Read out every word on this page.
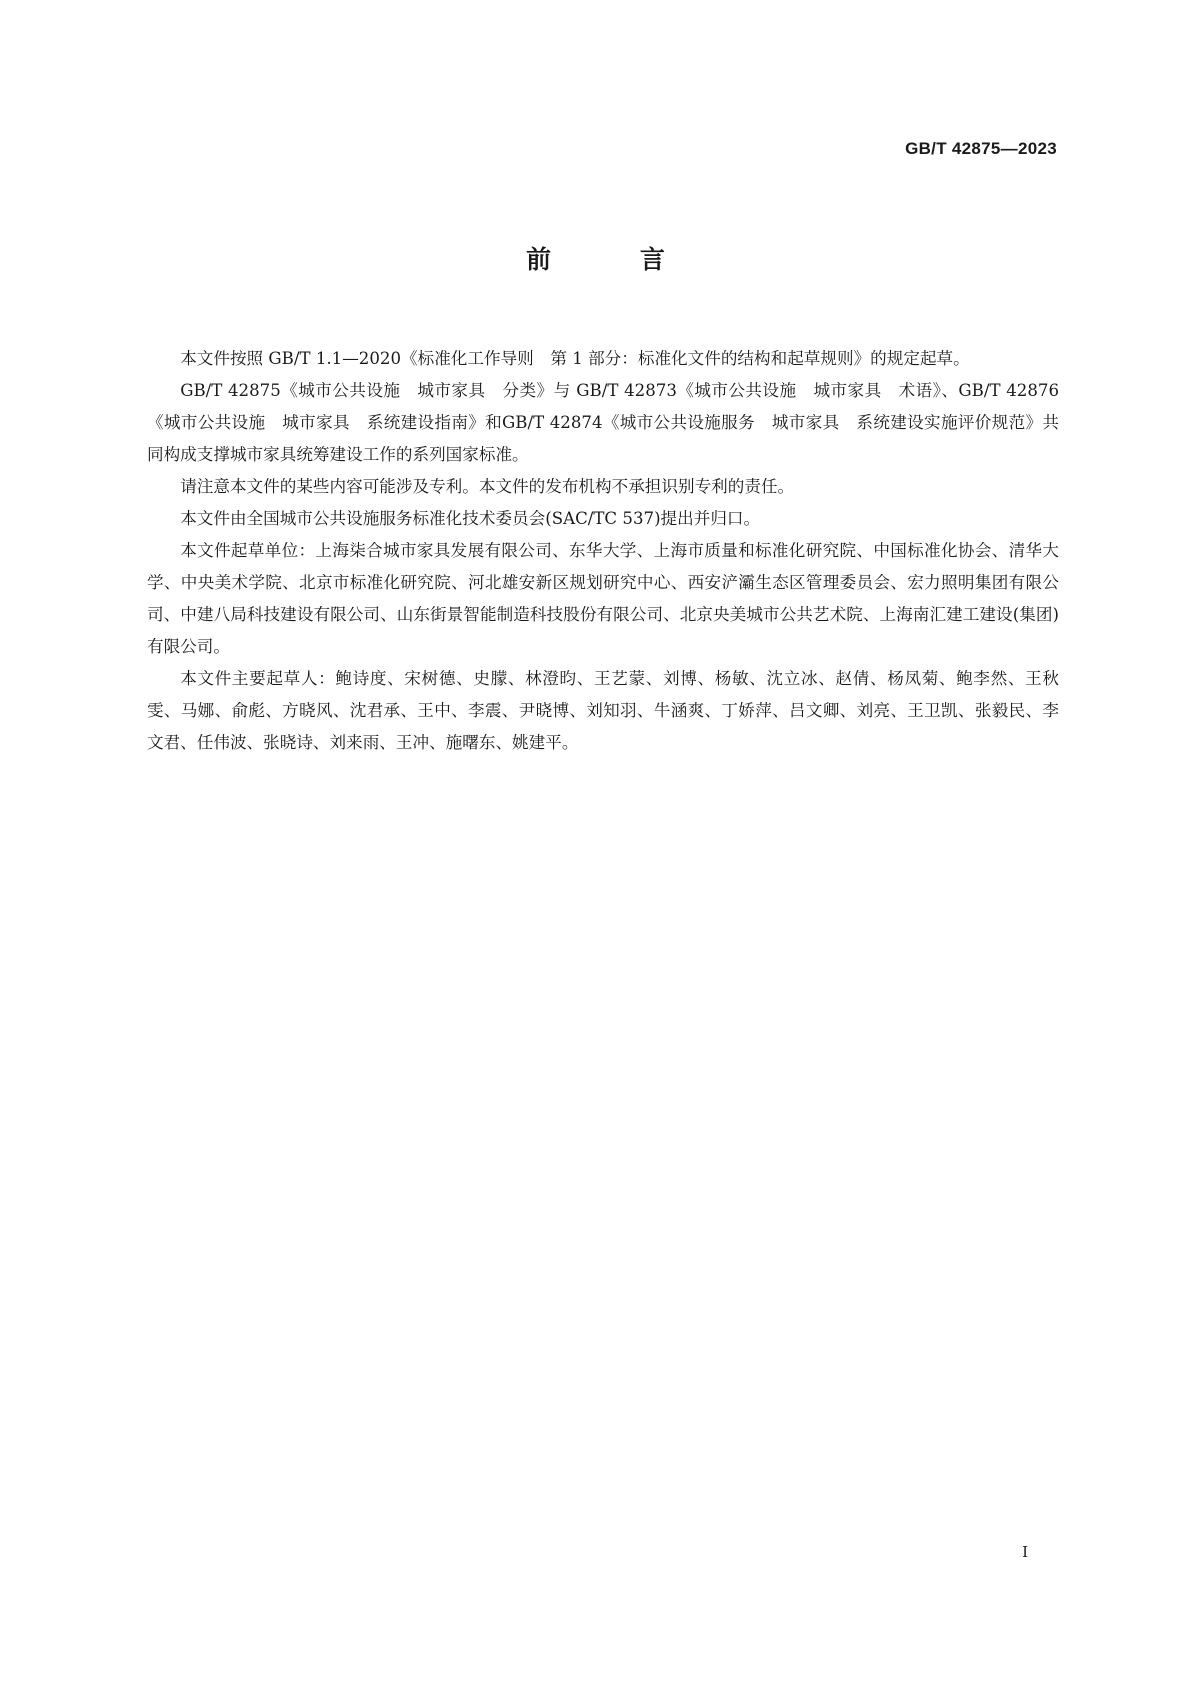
GB/T 42875—2023
前 言

本文件按照 GB/T 1.1—2020《标准化工作导则　第 1 部分：标准化文件的结构和起草规则》的规定起草。

GB/T 42875《城市公共设施　城市家具　分类》与 GB/T 42873《城市公共设施　城市家具　术语》、GB/T 42876《城市公共设施　城市家具　系统建设指南》和GB/T 42874《城市公共设施服务　城市家具　系统建设实施评价规范》共同构成支撑城市家具统筹建设工作的系列国家标准。

请注意本文件的某些内容可能涉及专利。本文件的发布机构不承担识别专利的责任。

本文件由全国城市公共设施服务标准化技术委员会(SAC/TC 537)提出并归口。

本文件起草单位：上海柒合城市家具发展有限公司、东华大学、上海市质量和标准化研究院、中国标准化协会、清华大学、中央美术学院、北京市标准化研究院、河北雄安新区规划研究中心、西安浐灞生态区管理委员会、宏力照明集团有限公司、中建八局科技建设有限公司、山东街景智能制造科技股份有限公司、北京央美城市公共艺术院、上海南汇建工建设(集团)有限公司。

本文件主要起草人：鲍诗度、宋树德、史朦、林澄昀、王艺蒙、刘博、杨敏、沈立冰、赵倩、杨凤菊、鲍李然、王秋雯、马娜、俞彪、方晓风、沈君承、王中、李震、尹晓博、刘知羽、牛涵爽、丁娇萍、吕文卿、刘亮、王卫凯、张毅民、李文君、任伟波、张晓诗、刘来雨、王冲、施曙东、姚建平。

I
